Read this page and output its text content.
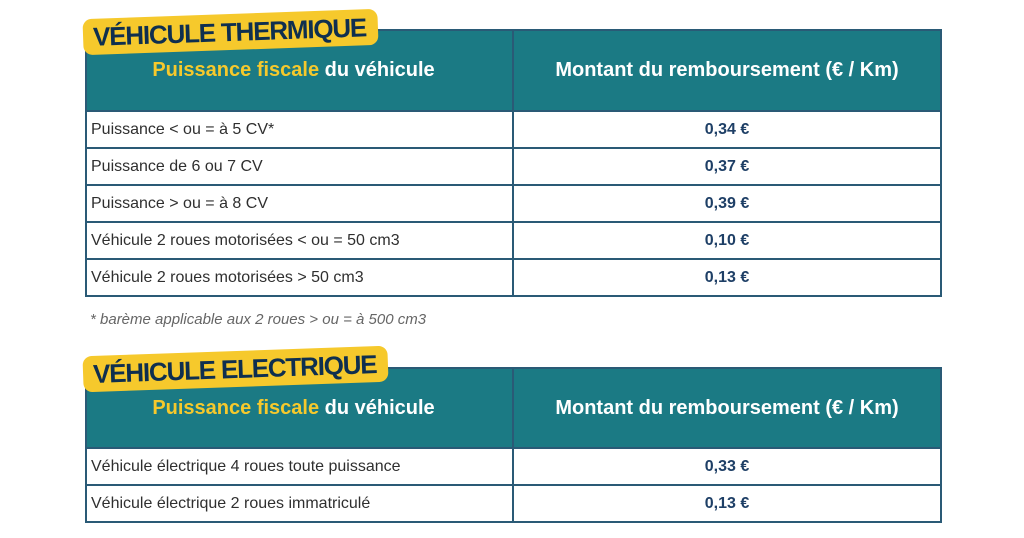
VÉHICULE THERMIQUE
Puissance fiscale du véhicule	Montant du remboursement (€ / Km)
Puissance < ou = à 5 CV*	0,34 €
Puissance de 6 ou 7 CV	0,37 €
Puissance > ou = à 8 CV	0,39 €
Véhicule 2 roues motorisées < ou = 50 cm3	0,10 €
Véhicule 2 roues motorisées > 50 cm3	0,13 €
* barème applicable aux 2 roues > ou = à 500 cm3
VÉHICULE ELECTRIQUE
Puissance fiscale du véhicule	Montant du remboursement (€ / Km)
Véhicule électrique 4 roues toute puissance	0,33 €
Véhicule électrique 2 roues immatriculé	0,13 €
